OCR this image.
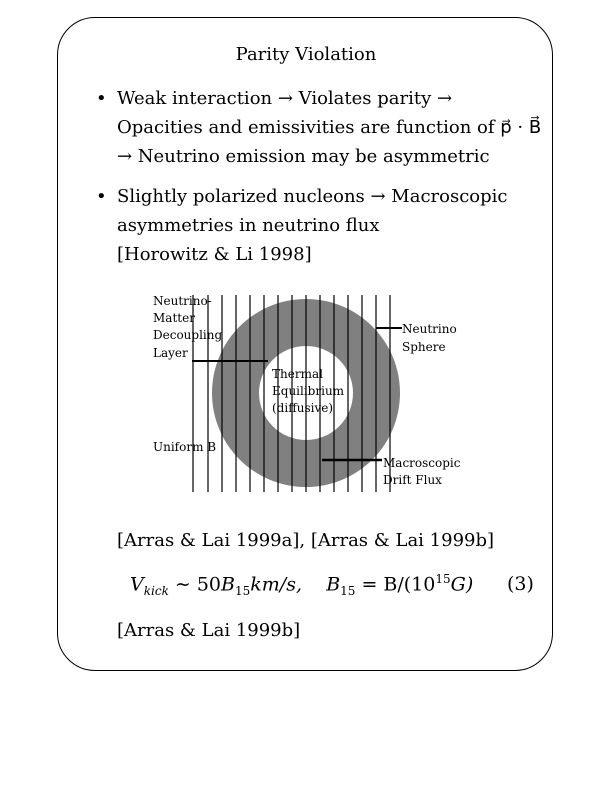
Parity Violation
• Weak interaction → Violates parity →
Opacities and emissivities are function of p⃗ · B⃗
→ Neutrino emission may be asymmetric
• Slightly polarized nucleons → Macroscopic
asymmetries in neutrino flux
[Horowitz & Li 1998]
Neutrino- Matter Decoupling Layer
Neutrino Sphere
Thermal Equilibrium (diffusive)
Uniform B
Macroscopic Drift Flux
[Arras & Lai 1999a], [Arras & Lai 1999b]
$V_{kick}$ ∼ $50B_{15}km/s$, $B_{15} = B/(10^{15}G)$ (3)
[Arras & Lai 1999b]
